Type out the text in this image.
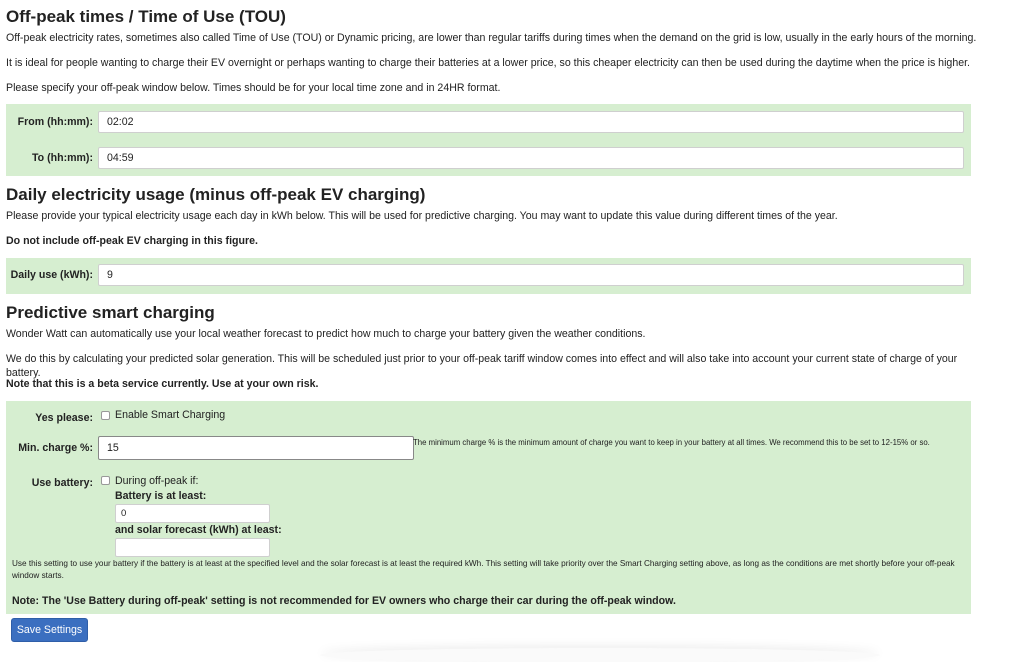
Off-peak times / Time of Use (TOU)

Off-peak electricity rates, sometimes also called Time of Use (TOU) or Dynamic pricing, are lower than regular tariffs during times when the demand on the grid is low, usually in the early hours of the morning.

It is ideal for people wanting to charge their EV overnight or perhaps wanting to charge their batteries at a lower price, so this cheaper electricity can then be used during the daytime when the price is higher.

Please specify your off-peak window below. Times should be for your local time zone and in 24HR format.

From (hh:mm):	02:02
To (hh:mm):	04:59
Daily electricity usage (minus off-peak EV charging)

Please provide your typical electricity usage each day in kWh below. This will be used for predictive charging. You may want to update this value during different times of the year.

Do not include off-peak EV charging in this figure.

Daily use (kWh):	9
Predictive smart charging

Wonder Watt can automatically use your local weather forecast to predict how much to charge your battery given the weather conditions.

We do this by calculating your predicted solar generation. This will be scheduled just prior to your off-peak tariff window comes into effect and will also take into account your current state of charge of your battery.

Note that this is a beta service currently. Use at your own risk.

Yes please: Enable Smart Charging
Min. charge %:	15	The minimum charge % is the minimum amount of charge you want to keep in your battery at all times. We recommend this to be set to 12-15% or so.
Use battery: During off-peak if:
Battery is at least:
0
and solar forecast (kWh) at least:
Use this setting to use your battery if the battery is at least at the specified level and the solar forecast is at least the required kWh. This setting will take priority over the Smart Charging setting above, as long as the conditions are met shortly before your off-peak window starts.
Note: The 'Use Battery during off-peak' setting is not recommended for EV owners who charge their car during the off-peak window.
Save Settings
